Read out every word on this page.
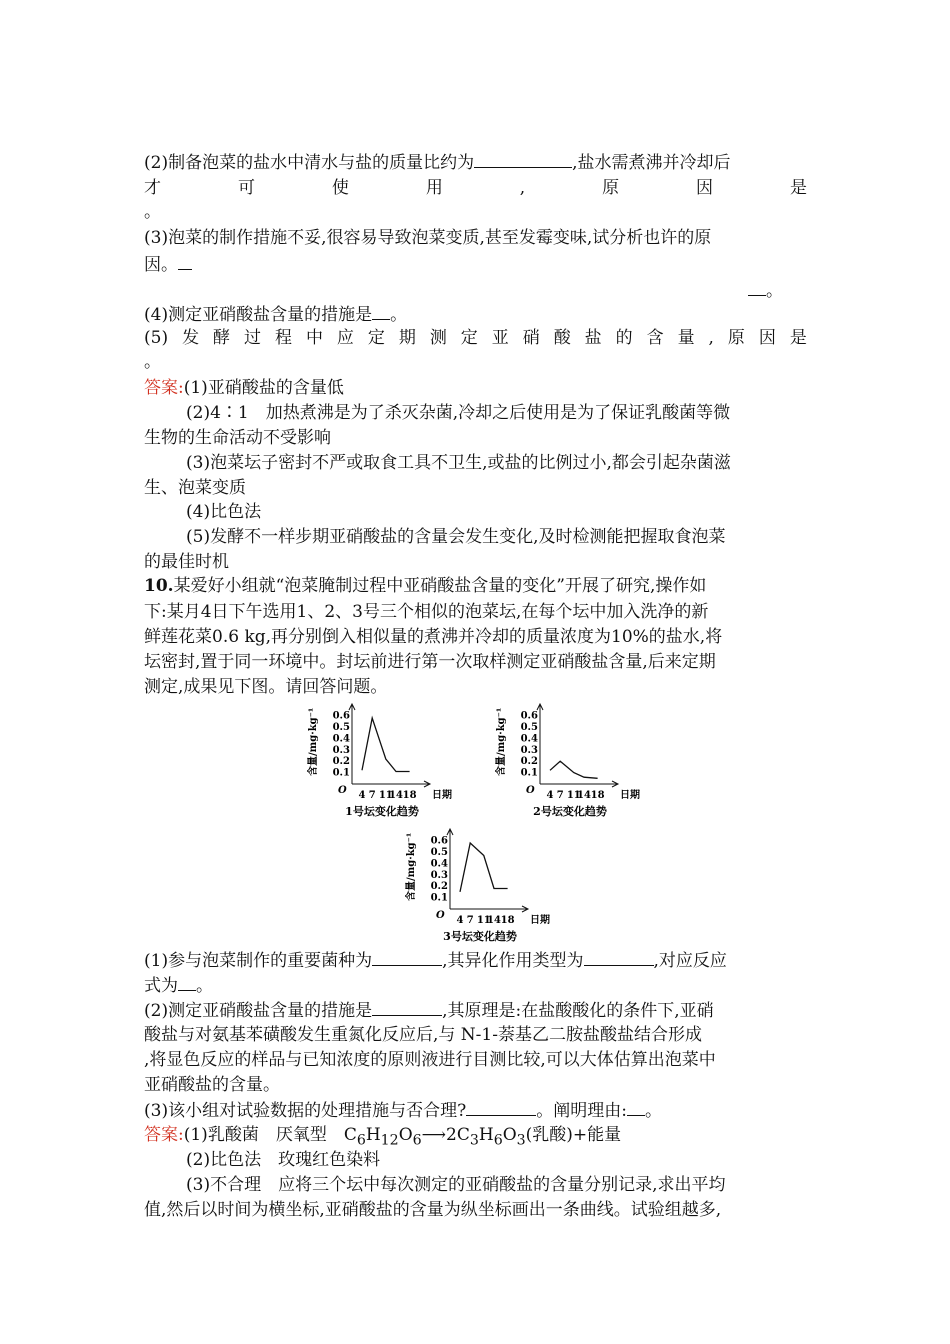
(2)制备泡菜的盐水中清水与盐的质量比约为	,盐水需煮沸并冷却后
才	可	使	用	,	原	因	是
。
(3)泡菜的制作措施不妥,很容易导致泡菜变质,甚至发霉变味,试分析也许的原
因。
。
(4)测定亚硝酸盐含量的措施是 。
(5) 发 酵 过 程 中 应 定 期 测 定 亚 硝 酸 盐 的 含 量 , 原 因 是
。
答案:(1)亚硝酸盐的含量低
(2)4∶1　加热煮沸是为了杀灭杂菌,冷却之后使用是为了保证乳酸菌等微
生物的生命活动不受影响
(3)泡菜坛子密封不严或取食工具不卫生,或盐的比例过小,都会引起杂菌滋
生、泡菜变质
(4)比色法
(5)发酵不一样步期亚硝酸盐的含量会发生变化,及时检测能把握取食泡菜
的最佳时机
10.某爱好小组就“泡菜腌制过程中亚硝酸盐含量的变化”开展了研究,操作如
下:某月4日下午选用1、2、3号三个相似的泡菜坛,在每个坛中加入洗净的新
鲜莲花菜0.6 kg,再分别倒入相似量的煮沸并冷却的质量浓度为10%的盐水,将
坛密封,置于同一环境中。封坛前进行第一次取样测定亚硝酸盐含量,后来定期
测定,成果见下图。请回答问题。
O
0.1
0.2
0.3
0.4
0.5
0.6
4 7 11
14 18 日期
含量/mg·kg⁻¹
1号坛变化趋势
O
0.1
0.2
0.3
0.4
0.5
0.6
4 7 11
14 18 日期
含量/mg·kg⁻¹
2号坛变化趋势
O
0.1
0.2
0.3
0.4
0.5
0.6
4 7 11
14 18 日期
含量/mg·kg⁻¹
3号坛变化趋势
(1)参与泡菜制作的重要菌种为	,其异化作用类型为	,对应反应
式为 。
(2)测定亚硝酸盐含量的措施是	,其原理是:在盐酸酸化的条件下,亚硝
酸盐与对氨基苯磺酸发生重氮化反应后,与 N-1-萘基乙二胺盐酸盐结合形成
,将显色反应的样品与已知浓度的原则液进行目测比较,可以大体估算出泡菜中
亚硝酸盐的含量。
(3)该小组对试验数据的处理措施与否合理?	。阐明理由: 。
答案:(1)乳酸菌　厌氧型　$C_6H_{12}O_6⟶2C_3H_6O_3$(乳酸)+能量
(2)比色法　玫瑰红色染料
(3)不合理　应将三个坛中每次测定的亚硝酸盐的含量分别记录,求出平均
值,然后以时间为横坐标,亚硝酸盐的含量为纵坐标画出一条曲线。试验组越多,
